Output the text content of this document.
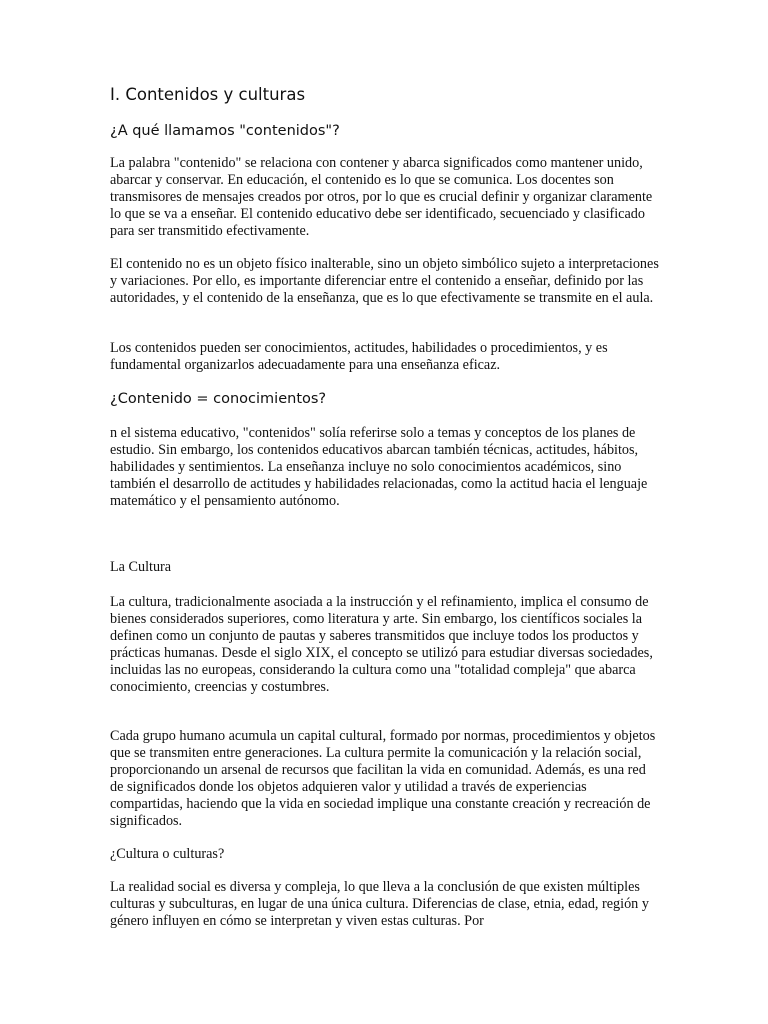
I. Contenidos y culturas
¿A qué llamamos "contenidos"?

La palabra "contenido" se relaciona con contener y abarca significados como mantener unido, abarcar y conservar. En educación, el contenido es lo que se comunica. Los docentes son transmisores de mensajes creados por otros, por lo que es crucial definir y organizar claramente lo que se va a enseñar. El contenido educativo debe ser identificado, secuenciado y clasificado para ser transmitido efectivamente.

El contenido no es un objeto físico inalterable, sino un objeto simbólico sujeto a interpretaciones y variaciones. Por ello, es importante diferenciar entre el contenido a enseñar, definido por las autoridades, y el contenido de la enseñanza, que es lo que efectivamente se transmite en el aula.

Los contenidos pueden ser conocimientos, actitudes, habilidades o procedimientos, y es fundamental organizarlos adecuadamente para una enseñanza eficaz.

¿Contenido = conocimientos?

n el sistema educativo, "contenidos" solía referirse solo a temas y conceptos de los planes de estudio. Sin embargo, los contenidos educativos abarcan también técnicas, actitudes, hábitos, habilidades y sentimientos. La enseñanza incluye no solo conocimientos académicos, sino también el desarrollo de actitudes y habilidades relacionadas, como la actitud hacia el lenguaje matemático y el pensamiento autónomo.

La Cultura

La cultura, tradicionalmente asociada a la instrucción y el refinamiento, implica el consumo de bienes considerados superiores, como literatura y arte. Sin embargo, los científicos sociales la definen como un conjunto de pautas y saberes transmitidos que incluye todos los productos y prácticas humanas. Desde el siglo XIX, el concepto se utilizó para estudiar diversas sociedades, incluidas las no europeas, considerando la cultura como una "totalidad compleja" que abarca conocimiento, creencias y costumbres.

Cada grupo humano acumula un capital cultural, formado por normas, procedimientos y objetos que se transmiten entre generaciones. La cultura permite la comunicación y la relación social, proporcionando un arsenal de recursos que facilitan la vida en comunidad. Además, es una red de significados donde los objetos adquieren valor y utilidad a través de experiencias compartidas, haciendo que la vida en sociedad implique una constante creación y recreación de significados.

¿Cultura o culturas?

La realidad social es diversa y compleja, lo que lleva a la conclusión de que existen múltiples culturas y subculturas, en lugar de una única cultura. Diferencias de clase, etnia, edad, región y género influyen en cómo se interpretan y viven estas culturas. Por
